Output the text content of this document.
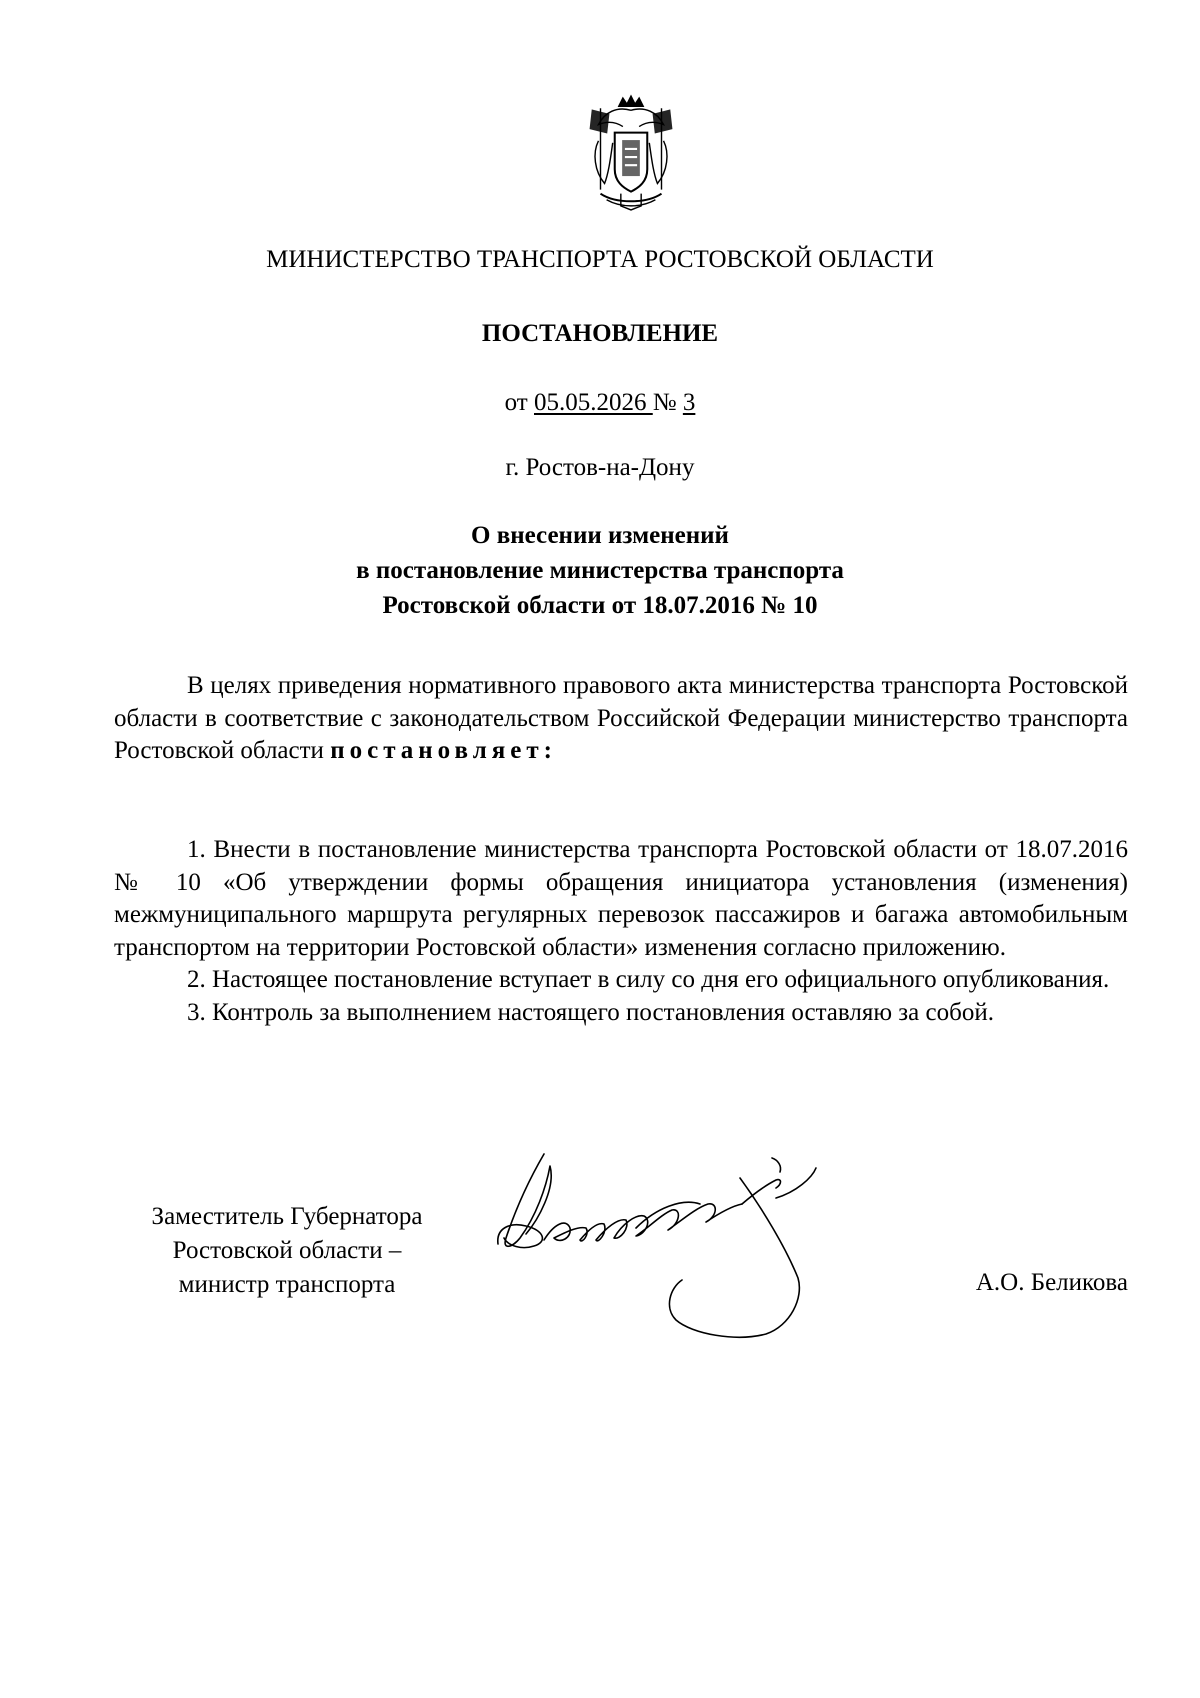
МИНИСТЕРСТВО ТРАНСПОРТА РОСТОВСКОЙ ОБЛАСТИ
ПОСТАНОВЛЕНИЕ
от 05.05.2026 № 3
г. Ростов-на-Дону
О внесении изменений
в постановление министерства транспорта
Ростовской области от 18.07.2016 № 10

В целях приведения нормативного правового акта министерства транспорта Ростовской области в соответствие с законодательством Российской Федерации министерство транспорта Ростовской области постановляет:

1. Внести в постановление министерства транспорта Ростовской области от 18.07.2016 № 10 «Об утверждении формы обращения инициатора установления (изменения) межмуниципального маршрута регулярных перевозок пассажиров и багажа автомобильным транспортом на территории Ростовской области» изменения согласно приложению.

2. Настоящее постановление вступает в силу со дня его официального опубликования.

3. Контроль за выполнением настоящего постановления оставляю за собой.

Заместитель Губернатора
Ростовской области –
министр транспорта	А.О. Беликова
